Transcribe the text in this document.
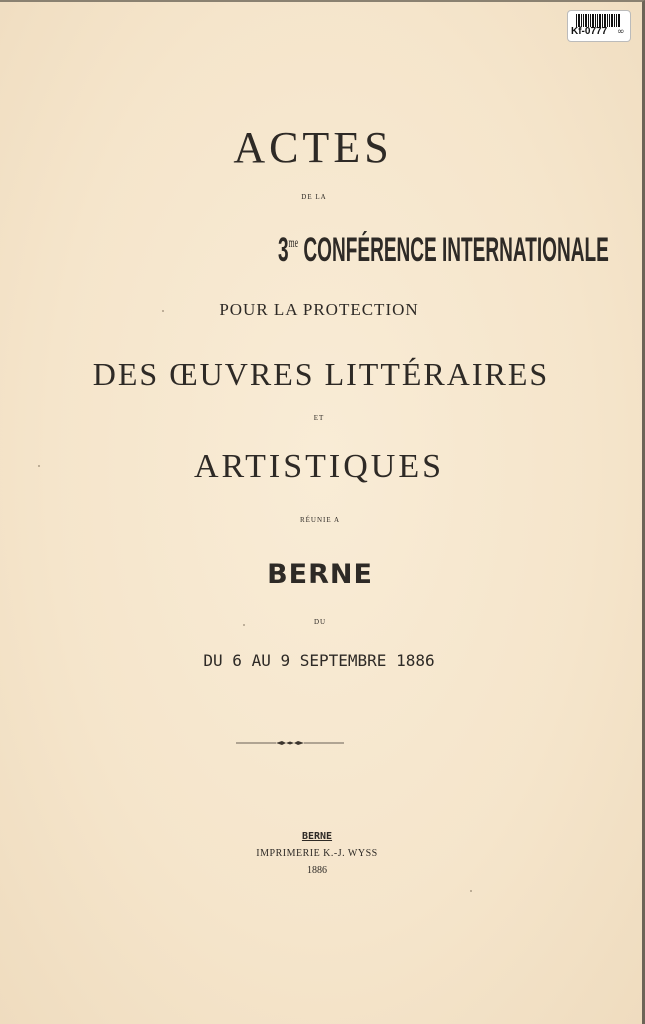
Kf-0777 ∞
ACTES
DE LA
$3^{me}$ CONFÉRENCE INTERNATIONALE
POUR LA PROTECTION
DES ŒUVRES LITTÉRAIRES
ET
ARTISTIQUES
RÉUNIE A
BERNE
DU
DU 6 AU 9 SEPTEMBRE 1886
BERNE
IMPRIMERIE K.-J. WYSS
1886
